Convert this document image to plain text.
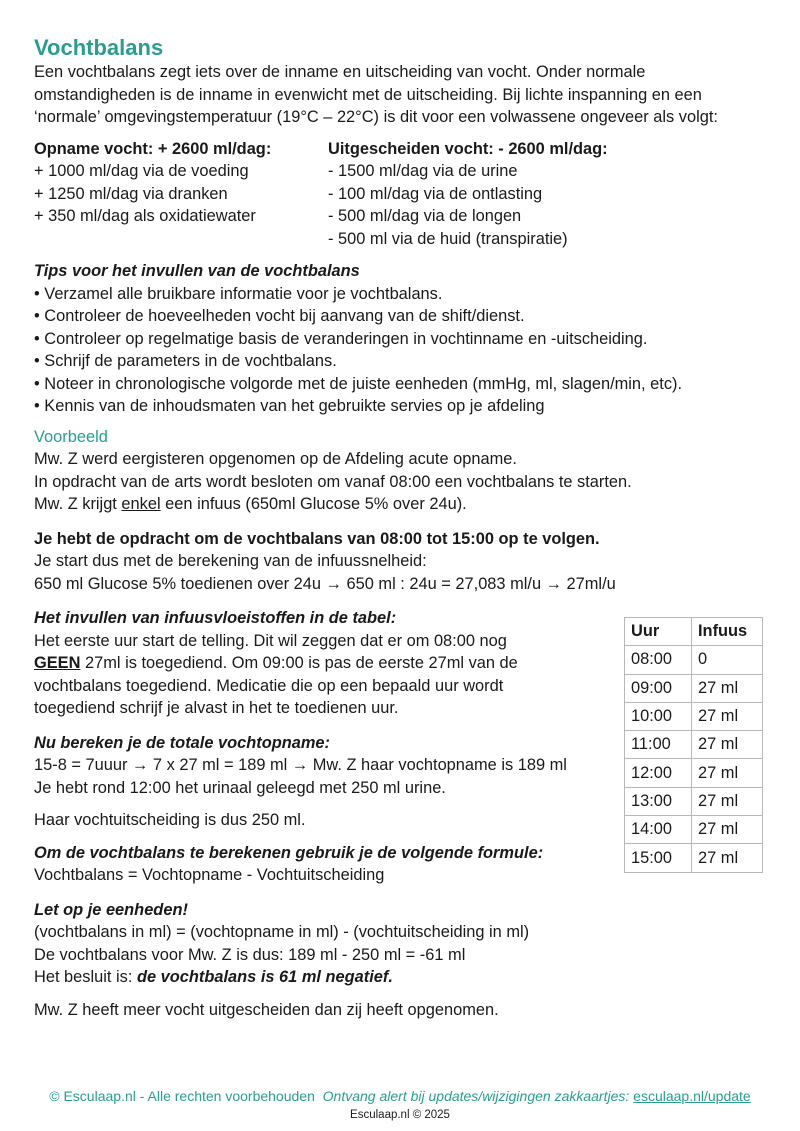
Vochtbalans

Een vochtbalans zegt iets over de inname en uitscheiding van vocht. Onder normale

omstandigheden is de inname in evenwicht met de uitscheiding. Bij lichte inspanning en een

‘normale’ omgevingstemperatuur (19°C – 22°C) is dit voor een volwassene ongeveer als volgt:

Opname vocht: + 2600 ml/dag:

+ 1000 ml/dag via de voeding

+ 1250 ml/dag via dranken

+ 350 ml/dag als oxidatiewater

Uitgescheiden vocht: - 2600 ml/dag:

- 1500 ml/dag via de urine

- 100 ml/dag via de ontlasting

- 500 ml/dag via de longen

- 500 ml via de huid (transpiratie)

Tips voor het invullen van de vochtbalans

• Verzamel alle bruikbare informatie voor je vochtbalans.

• Controleer de hoeveelheden vocht bij aanvang van de shift/dienst.

• Controleer op regelmatige basis de veranderingen in vochtinname en -uitscheiding.

• Schrijf de parameters in de vochtbalans.

• Noteer in chronologische volgorde met de juiste eenheden (mmHg, ml, slagen/min, etc).

• Kennis van de inhoudsmaten van het gebruikte servies op je afdeling

Voorbeeld

Mw. Z werd eergisteren opgenomen op de Afdeling acute opname.

In opdracht van de arts wordt besloten om vanaf 08:00 een vochtbalans te starten.

Mw. Z krijgt enkel een infuus (650ml Glucose 5% over 24u).

Je hebt de opdracht om de vochtbalans van 08:00 tot 15:00 op te volgen.

Je start dus met de berekening van de infuussnelheid:

650 ml Glucose 5% toedienen over 24u → 650 ml : 24u = 27,083 ml/u → 27ml/u

Het invullen van infuusvloeistoffen in de tabel:

Het eerste uur start de telling. Dit wil zeggen dat er om 08:00 nog

GEEN 27ml is toegediend. Om 09:00 is pas de eerste 27ml van de

vochtbalans toegediend. Medicatie die op een bepaald uur wordt

toegediend schrijf je alvast in het te toedienen uur.

Nu bereken je de totale vochtopname:

15-8 = 7uuur → 7 x 27 ml = 189 ml → Mw. Z haar vochtopname is 189 ml

Je hebt rond 12:00 het urinaal geleegd met 250 ml urine.

Haar vochtuitscheiding is dus 250 ml.

Om de vochtbalans te berekenen gebruik je de volgende formule:

Vochtbalans = Vochtopname - Vochtuitscheiding

Let op je eenheden!

(vochtbalans in ml) = (vochtopname in ml) - (vochtuitscheiding in ml)

De vochtbalans voor Mw. Z is dus: 189 ml - 250 ml = -61 ml

Het besluit is: de vochtbalans is 61 ml negatief.

Mw. Z heeft meer vocht uitgescheiden dan zij heeft opgenomen.

Uur	Infuus
08:00	0
09:00	27 ml
10:00	27 ml
11:00	27 ml
12:00	27 ml
13:00	27 ml
14:00	27 ml
15:00	27 ml
© Esculaap.nl - Alle rechten voorbehouden Ontvang alert bij updates/wijzigingen zakkaartjes: esculaap.nl/update
Esculaap.nl © 2025
